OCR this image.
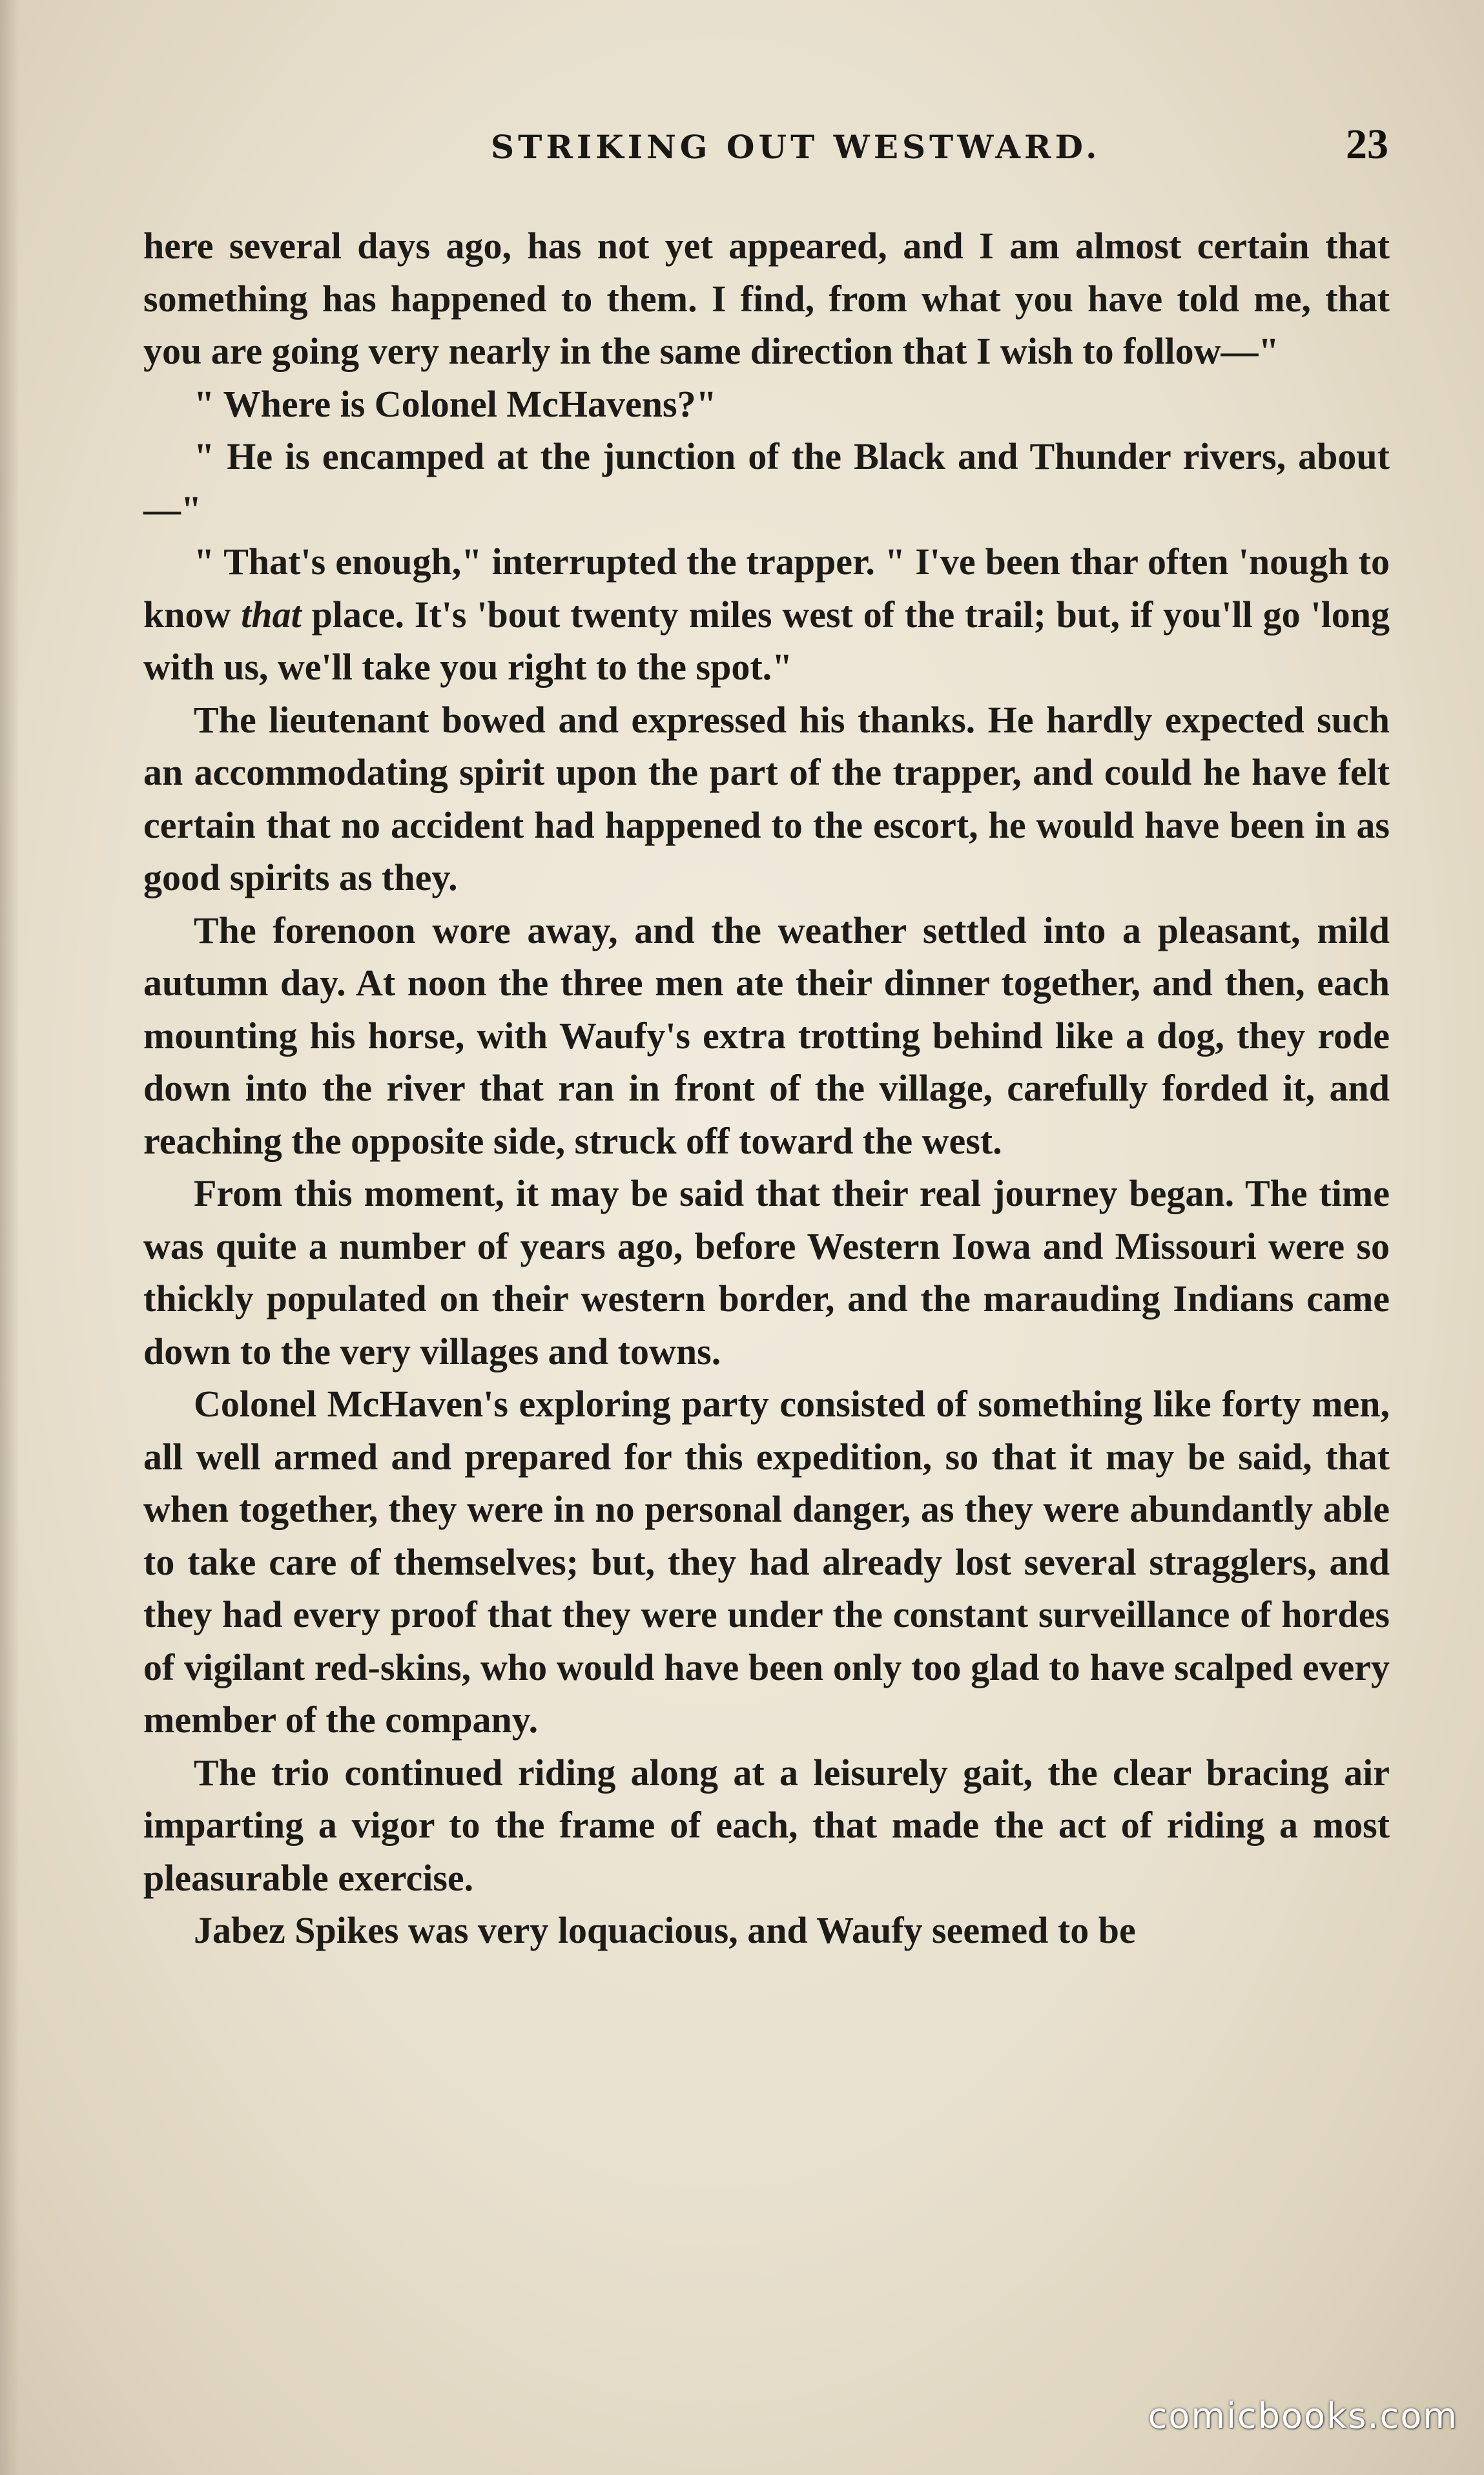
STRIKING OUT WESTWARD.	23

here several days ago, has not yet appeared, and I am almost certain that something has happened to them. I find, from what you have told me, that you are going very nearly in the same direction that I wish to follow—"

" Where is Colonel McHavens?"

" He is encamped at the junction of the Black and Thunder rivers, about—"

" That's enough," interrupted the trapper. " I've been thar often 'nough to know that place. It's 'bout twenty miles west of the trail; but, if you'll go 'long with us, we'll take you right to the spot."

The lieutenant bowed and expressed his thanks. He hardly expected such an accommodating spirit upon the part of the trapper, and could he have felt certain that no accident had happened to the escort, he would have been in as good spirits as they.

The forenoon wore away, and the weather settled into a pleasant, mild autumn day. At noon the three men ate their dinner together, and then, each mounting his horse, with Waufy's extra trotting behind like a dog, they rode down into the river that ran in front of the village, carefully forded it, and reaching the opposite side, struck off toward the west.

From this moment, it may be said that their real journey began. The time was quite a number of years ago, before Western Iowa and Missouri were so thickly populated on their western border, and the marauding Indians came down to the very villages and towns.

Colonel McHaven's exploring party consisted of something like forty men, all well armed and prepared for this expedition, so that it may be said, that when together, they were in no personal danger, as they were abundantly able to take care of themselves; but, they had already lost several stragglers, and they had every proof that they were under the constant surveillance of hordes of vigilant red-skins, who would have been only too glad to have scalped every member of the company.

The trio continued riding along at a leisurely gait, the clear bracing air imparting a vigor to the frame of each, that made the act of riding a most pleasurable exercise.

Jabez Spikes was very loquacious, and Waufy seemed to be

comicbooks.com
